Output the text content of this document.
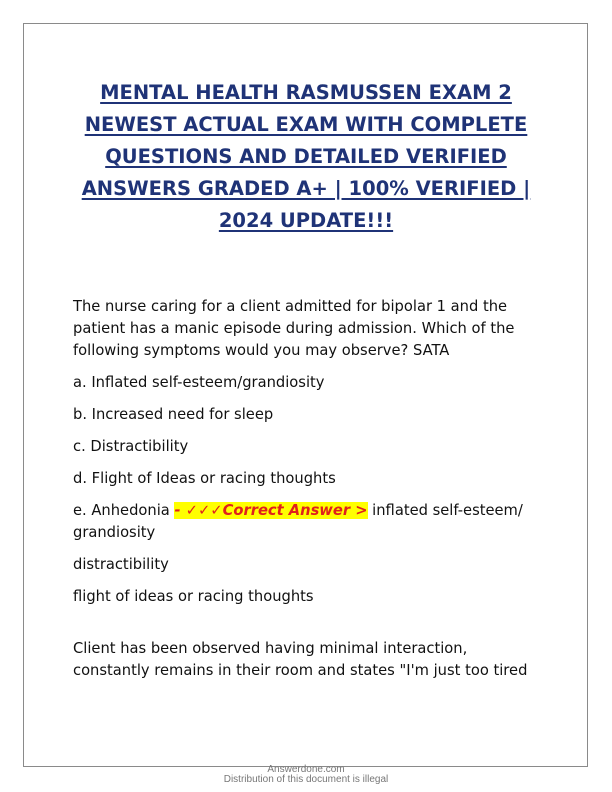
MENTAL HEALTH RASMUSSEN EXAM 2 NEWEST ACTUAL EXAM WITH COMPLETE QUESTIONS AND DETAILED VERIFIED ANSWERS GRADED A+ | 100% VERIFIED | 2024 UPDATE!!!

The nurse caring for a client admitted for bipolar 1 and the patient has a manic episode during admission. Which of the following symptoms would you may observe? SATA

a. Inflated self-esteem/grandiosity

b. Increased need for sleep

c. Distractibility

d. Flight of Ideas or racing thoughts

e. Anhedonia - ✓✓✓Correct Answer > inflated self-esteem/ grandiosity

distractibility

flight of ideas or racing thoughts

Client has been observed having minimal interaction, constantly remains in their room and states "I'm just too tired

Answerdone.com
Distribution of this document is illegal
